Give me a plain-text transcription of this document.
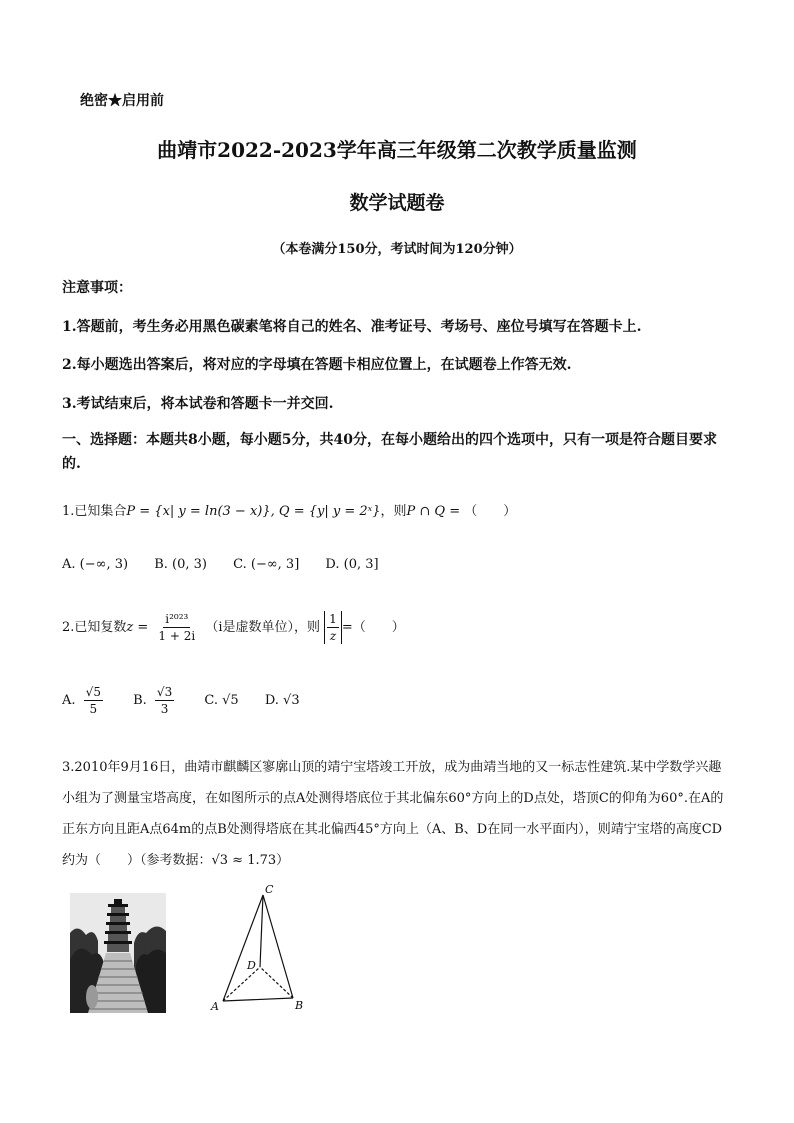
绝密★启用前
曲靖市2022-2023学年高三年级第二次教学质量监测
数学试题卷
（本卷满分150分，考试时间为120分钟）
注意事项：
1.答题前，考生务必用黑色碳素笔将自己的姓名、准考证号、考场号、座位号填写在答题卡上.
2.每小题选出答案后，将对应的字母填在答题卡相应位置上，在试题卷上作答无效.
3.考试结束后，将本试卷和答题卡一并交回.
一、选择题：本题共8小题，每小题5分，共40分，在每小题给出的四个选项中，只有一项是符合题目要求的.
1.已知集合P = {x| y = ln(3 − x)}, Q = {y| y = 2ˣ}，则P ∩ Q = （　　）
A. (−∞, 3) B. (0, 3) C. (−∞, 3] D. (0, 3]
2.已知复数$z = \frac{\text{i²⁰²³}}{1 + 2i} (i$是虚数单位），则 $\frac{1}{z}$ =（　　）
A. $\frac{√5}{5} B$. $\frac{√3}{3} C$. √5 D. √3
3.2010年9月16日，曲靖市麒麟区寥廓山顶的靖宁宝塔竣工开放，成为曲靖当地的又一标志性建筑.某中学数学兴趣小组为了测量宝塔高度，在如图所示的点A处测得塔底位于其北偏东60°方向上的D点处，塔顶C的仰角为60°.在A的正东方向且距A点64m的点B处测得塔底在其北偏西45°方向上（A、B、D在同一水平面内），则靖宁宝塔的高度CD约为（　　）（参考数据：√3 ≈ 1.73）
C
D
A	B
